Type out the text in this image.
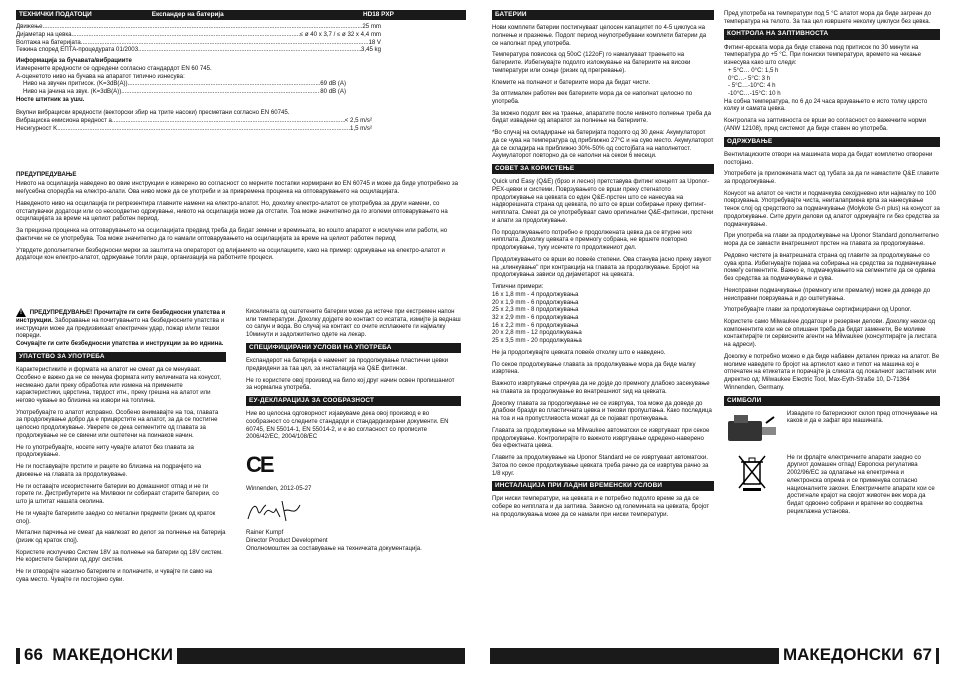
ТЕХНИЧКИ ПОДАТОЦИ	Експандер на батерија	HD18 PXP
Движење .....	25 mm
Дијаметар на цевка .....	≤ ø 40 x 3,7 / ≤ ø 32 x 4,4 mm
Волтажа на батеријата .....	18 V
Тежина според ЕПТА-процедурата 01/2003 .....	3,45 kg
Информација за бучавата/вибрациите
Измерените вредности се одредени согласно стандардот EN 60 745.
A-оценетото ниво на бучава на апаратот типично изнесува:
Ниво на звучен притисок. (K=3dB(A)) .....	69 dB (A)
Ниво на јачина на звук. (K=3dB(A)) .....	80 dB (A)
Носте штитник за ушu.
Вкупни вибрациски вредности (векторски збир на трите насоки) пресметани согласно EN 60745.
Вибрациска емисиона вредност a .....	< 2,5 m/s²
Несигурност K .....	1,5 m/s²
ПРЕДУПРЕДУВАЊЕ
Нивото на осцилација наведено во овие инструкции е измерено во согласност со мерните постапки нормирани во EN 60745 и може да биде употребено за меѓусебна споредба на електро-алати. Ова ниво може да се употреби и за привремена проценка на оптоварувањето на осцилацијата.
Наведеното ниво на осцилација ги репрезентира главните намени на електро-алатот. Но, доколку електро-алатот се употребува за други намени, со отстапувачки додатоци или со несоодветно одржување, нивото на осцилација може да отстапи. Тоа може значително да го зголеми оптоварувањето на осцилацијата за време на целиот работен период.
За прецизна проценка на оптоварувањето на осцилацијата предвид треба да бидат земени и времињата, во кошто апаратот е исклучен или работи, но фактички не се употребува. Тоа може значително да го намали оптоварувањето на осцилацијата за време на целиот работен период
Утврдете дополнителни безбедносни мерки за заштита на операторот од влијанието на осцилациите, како на пример: одржување на електро-алатот и додатоци кон електро-алатот, одржување топли раце, организација на работните процеси.
! ПРЕДУПРЕДУВАЊЕ! Прочитајте ги сите безбедносни упатства и инструкции. Заборавање на почитувањето на безбедносните упатства и инструкции може да предизвикаат електричен удар, пожар и/или тешки повреди.
Сочувајте ги сите безбедносни упатства и инструкции за во иднина.
УПАТСТВО ЗА УПОТРЕБА
Карактеристиките и формата на алатот не смеат да се менуваат. Особено е важно да не се менува формата ниту величината на конусот, несмеано дали преку обработка или измена на примените карактеристики, цврстина, тврдост итн., преку грешна на алатот или негово чување во близина на извори на топлина.
Употребувајте го алатот исправно. Особено внимавајте на тоа, главата за продолжување добро да е прицврстите на алатот, за да се постигне целосно продолжување. Уверете се дека сегментите од главата за продолжување не се свиени или оштетени на поинаков начин.
Не го употребувајте, носете ниту чувајте алатот без главата за продолжување.
Не ги поставувајте прстите и рацете во близина на подрачјето на движење на главата за продолжување.
Не ги оставајте искористените батерии во домашниот отпад и не ги горете ги. Дистрибутерите на Милвоки ги собираат старите батерии, со што ја штитат нашата околина.
Не ги чувајте батериите заедно со метални предмети (ризик од краток спој).
Метални парчиња не смеат да навлезат во делот за полнење на батерија (ризик од краток спој).
Користете исклучиво Систем 18V за полнење на батерии од 18V систем. Не користете батерии од друг систем.
Не ги отворајте насилно батериите и полначите, и чувајте ги само на сува место. Чувајте ги постојано суви.
Киселината од оштетените батерии може да истече при екстремен напон или температури. Доколку дојдете во контакт со исатата, измијте ја веднаш со сапун и вода. Во случај на контакт со очите исплакнете ги најмалку 10минути и задолжително одете на лекар.
СПЕЦИФИЦИРАНИ УСЛОВИ НА УПОТРЕБА
Експандерот на батерија е наменет за продолжување пластични цевки предвидени за таа цел, за инсталација на Q&E фитинзи.
Не го користете овој производ на било кој друг начин освен пропишаниот за нормална употреба.
ЕУ-ДЕКЛАРАЦИЈА ЗА СООБРАЗНОСТ
Ние во целосна одговорност изјавуваме дека овој производ е во сообразност со следните стандарди и стандардизирани документи. EN 60745, EN 55014-1, EN 55014-2, и е во согласност со прописите 2006/42/EC, 2004/108/EC
CE
Winnenden, 2012-05-27
Rainer Kumpf
Director Product Development
Ополномоштен за составување на техничката документација.
66 МАКЕДОНСКИ
БАТЕРИИ
Нови комплети батерии постигнуваат целосен капацитет по 4-5 циклуса на полнење и празнење. Подолг период неупотребувани комплети батерии да се наполнат пред употреба.
Температура повисока од 50оС (122оF) го намалуваат траењето на батериите. Избегнувајте подолго изложување на батериите на високи температури или сонце (ризик од прегревање).
Клемите на полначот и батериите мора да бидат чисти.
За оптимален работен век батериите мора да се наполнат целосно по употреба.
За можно подолг век на траење, апаратите после нивното полнење треба да бидат извадени од апаратот за полнење на батериите.
*Во случај на складирање на батеријата подолго од 30 дена: Акумулаторот да се чува на температура од приближно 27°C и на суво место. Акумулаторот да се складира на приближно 30%-50% од состојбата на наполнетост. Акумулаторот повторно да се наполни на секои 6 месеци.
СОВЕТ ЗА КОРИСТЕЊЕ
Quick und Easy (Q&E) (брзо и лесно) претставува фитинг концепт за Uponor-PEX-цевки и системи. Поврзувањето се врши преку стегнатото продолжување на цевката со еден Q&E-прстен што се нанесува на надворешната страна од цевката, по што се врши собирање преку фитинг-нипплата. Смеат да се употребуваат само оригинални Q&E-фитинзи, прстени и алати за продолжување.
По продолжувањето потребно е продолжената цевка да се втурне низ нипплата. Доколку цевката е премногу собрана, не вршете повторно продолжување, туку исечете го продолжениот дел.
Продолжувањето се врши во повеќе степени. Ова станува јасно преку звукот на „клинкување" при контракција на главата за продолжување. Бројот на продолжувања зависи од дијаметарот на цевката.
Типични примери:
16 x 1,8 mm - 4 продолжувања
20 x 1,9 mm - 6 продолжувања
25 x 2,3 mm - 8 продолжувања
32 x 2,9 mm - 6 продолжувања
16 x 2,2 mm - 6 продолжувања
20 x 2,8 mm - 12 продолжувања
25 x 3,5 mm - 20 продолжувања
Не ја продолжувајте цевката повеќе отколку што е наведено.
По секое продолжување главата за продолжување мора да биде малку извртена.
Важното извртување спречува да не дојде до премногу длабоко засекување на главата за продолжување во внатрешниот ѕид на цевката.
Доколку главата за продолжување не се извртува, тоа може да доведе до длабоки бразди во пластичната цевка и текови пропуштања. Како последица на тоа и на пропустливоста можат да се појават протекувања.
Главата за продолжување на Milwaukee автоматски се извртуваат при секое продолжување. Контролирајте го важното извртување одредено-наверено без ефектната цевка.
Главите за продолжување на Uponor Standard не се извртуваат автоматски. Затоа по секое продолжување цевката треба рачно да се извртува рачно за 1/8 круг.
ИНСТАЛАЦИЈА ПРИ ЛАДНИ ВРЕМЕНСКИ УСЛОВИ
При ниски температури, на цевката и е потребно подолго време за да се собере во нипплата и да заптива. Зависно од големината на цевката, бројот на продолжувања може да се намали при ниски температури.
Пред употреба на температури под 5 °C алатот мора да биде загреан до температура на телото. За таа цел извршете неколку циклуси без цевка.
КОНТРОЛА НА ЗАПТИВНОСТА
Фитинг-врската мора да биде ставена под притисок по 30 минути на температура до +5 °C. При пониски температури, времето на чекање изнесува како што следи:
+ 5°C… 0°C: 1,5 h
0°C…- 5°C: 3 h
- 5°C…-10°C: 4 h
-10°C…-15°C: 10 h
На собна температура, по 6 до 24 часа врзувањето е исто толку цврсто колку и самата цевка.
Контролата на заптивноста се врши во согласност со важечките норми (ANW 12108), пред системот да биде ставен во употреба.
ОДРЖУВАЊЕ
Вентилациските отвори на машината мора да бидат комплетно отворени постојано.
Употребете ја приложената маст од тубата за да ги намастите Q&E главите за продолжување.
Конусот на алатот се чисти и подмачкува секојдневно или најмалку по 100 поврзувања. Употребувајте чиста, неиталаприкна крпа за нанесување тенок слој од средството за подмачкување (Molykote G-n plus) на конусот за продолжување. Сите други делови од алатот одржувајте ги без средства за подмачкување.
При употреба на глави за продолжување на Uponor Standard дополнително мора да се замасти внатрешниот прстен на главата за продолжување.
Редовно чистете ја внатрешната страна од главите за продолжување со сува крпа. Избегнувајте појава на собирања на средства за подмачкување помеѓу сегментите. Важно е, подмачкувањето на сегментите да се одвива без средства за подмачкување и сува.
Неисправни подмачкување (премногу или премалку) може да доведе до неисправни поврзувања и до оштетувања.
Употребувајте глави за продолжување сертифицирани од Uponor.
Користете само Milwaukee додатоци и резервни делови. Доколку некои од компонентите кои не се опишани треба да бидат заменети, Ве молиме контактирајте ги сервисните агенти на Milwaukee (консултирајте ја листата на адреси).
Доколку е потребно можно е да биде набавен детален приказ на алатот. Ве молиме наведете го бројот на артиклот како и типот на машина кој е отпечатен на етикетата и порачајте ја сликата од локалниот застапник или директно од: Milwaukee Electric Tool, Max-Eyth-Straße 10, D-71364 Winnenden, Germany.
СИМБОЛИ
Извадете го батерискиот склоп пред отпочнување на каков и да е зафат врз машината.
Не ги фрлајте електричните апарати заедно со другиот домашен отпад! Европска регулатива 2002/96/EC за одлагање на електрична и електронска опрема и се применува согласно националните закони. Електричните апарати кои се достигнале крајот на својот животен век мора да бидат одвоено собрани и вратени во соодветна рециклажна установа.
МАКЕДОНСКИ 67
